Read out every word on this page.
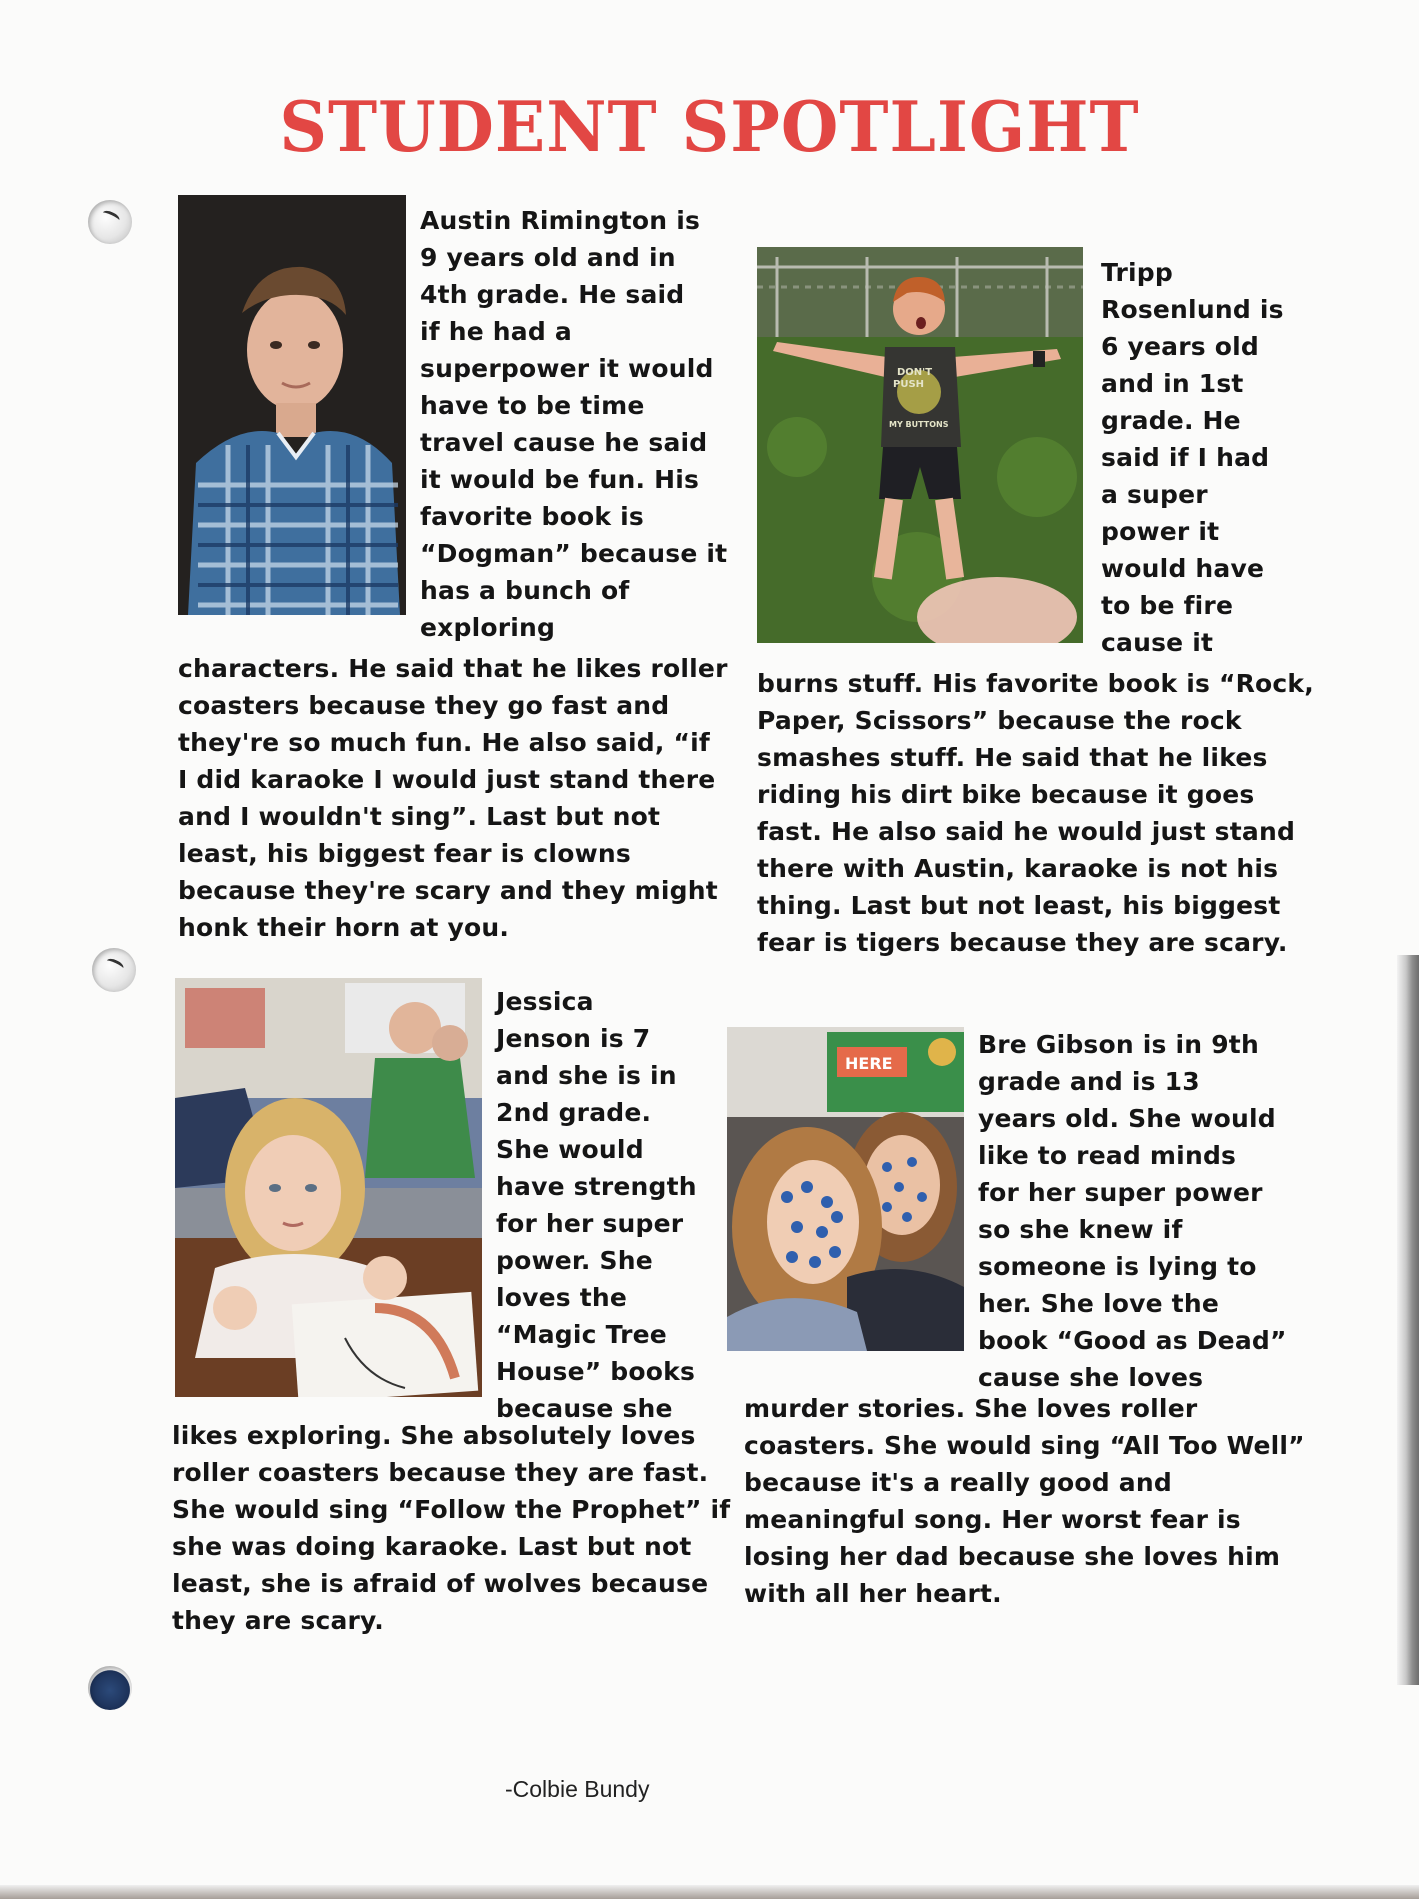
STUDENT SPOTLIGHT
Austin Rimington is
9 years old and in
4th grade. He said
if he had a
superpower it would
have to be time
travel cause he said
it would be fun. His
favorite book is
“Dogman” because it
has a bunch of
exploring
characters. He said that he likes roller
coasters because they go fast and
they're so much fun. He also said, “if
I did karaoke I would just stand there
and I wouldn't sing”. Last but not
least, his biggest fear is clowns
because they're scary and they might
honk their horn at you.
DON'T
PUSH
MY BUTTONS
Tripp
Rosenlund is
6 years old
and in 1st
grade. He
said if I had
a super
power it
would have
to be fire
cause it
burns stuff. His favorite book is “Rock,
Paper, Scissors” because the rock
smashes stuff. He said that he likes
riding his dirt bike because it goes
fast. He also said he would just stand
there with Austin, karaoke is not his
thing. Last but not least, his biggest
fear is tigers because they are scary.
Jessica
Jenson is 7
and she is in
2nd grade.
She would
have strength
for her super
power. She
loves the
“Magic Tree
House” books
because she
likes exploring. She absolutely loves
roller coasters because they are fast.
She would sing “Follow the Prophet” if
she was doing karaoke. Last but not
least, she is afraid of wolves because
they are scary.
HERE
Bre Gibson is in 9th
grade and is 13
years old. She would
like to read minds
for her super power
so she knew if
someone is lying to
her. She love the
book “Good as Dead”
cause she loves
murder stories. She loves roller
coasters. She would sing “All Too Well”
because it's a really good and
meaningful song. Her worst fear is
losing her dad because she loves him
with all her heart.
-Colbie Bundy
